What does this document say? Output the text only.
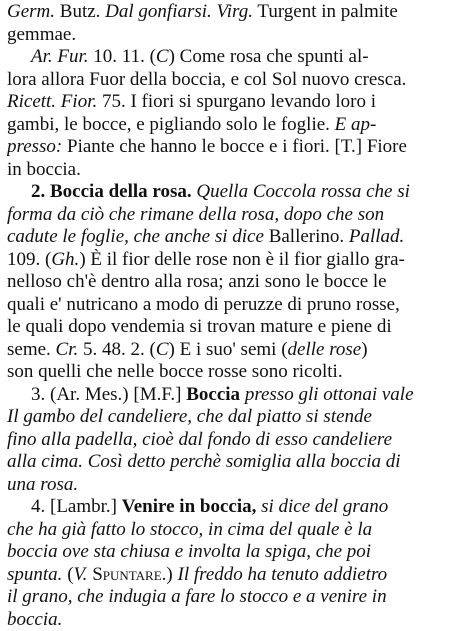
Germ. Butz. Dal gonfiarsi. Virg. Turgent in palmite
gemmae.
Ar. Fur. 10. 11. (C) Come rosa che spunti al-
lora allora Fuor della boccia, e col Sol nuovo cresca.
Ricett. Fior. 75. I fiori si spurgano levando loro i
gambi, le bocce, e pigliando solo le foglie. E ap-
presso: Piante che hanno le bocce e i fiori. [T.] Fiore
in boccia.
2. Boccia della rosa. Quella Coccola rossa che si
forma da ciò che rimane della rosa, dopo che son
cadute le foglie, che anche si dice Ballerino. Pallad.
109. (Gh.) È il fior delle rose non è il fior giallo gra-
nelloso ch'è dentro alla rosa; anzi sono le bocce le
quali e' nutricano a modo di peruzze di pruno rosse,
le quali dopo vendemia si trovan mature e piene di
seme. Cr. 5. 48. 2. (C) E i suo' semi (delle rose)
son quelli che nelle bocce rosse sono ricolti.
3. (Ar. Mes.) [M.F.] Boccia presso gli ottonai vale
Il gambo del candeliere, che dal piatto si stende
fino alla padella, cioè dal fondo di esso candeliere
alla cima. Così detto perchè somiglia alla boccia di
una rosa.
4. [Lambr.] Venire in boccia, si dice del grano
che ha già fatto lo stocco, in cima del quale è la
boccia ove sta chiusa e involta la spiga, che poi
spunta. (V. Spuntare.) Il freddo ha tenuto addietro
il grano, che indugia a fare lo stocco e a venire in
boccia.
